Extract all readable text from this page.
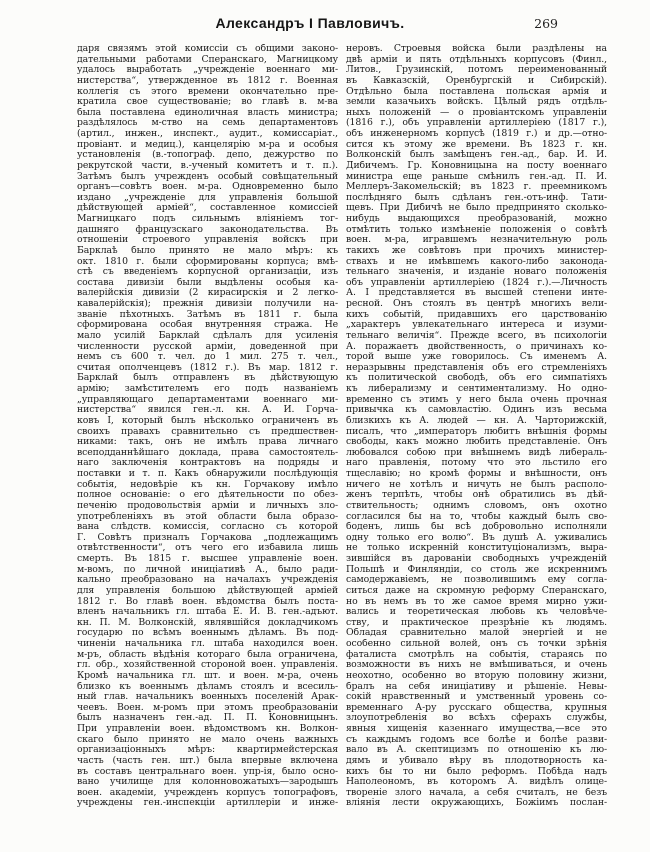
Александръ I Павловичъ.	269
даря связямъ этой комиссіи съ общими законо-
дательными работами Сперанскаго, Магницкому
удалось выработать „учрежденіе военнаго ми-
нистерства“, утвержденное въ 1812 г. Военная
коллегія съ этого времени окончательно пре-
кратила свое существованіе; во главѣ в. м-ва
была поставлена единоличная власть министра;
раздѣлялось м-ство на семь департаментовъ
(артил., инжен., инспект., аудит., комиссаріат.,
провіант. и медиц.), канцелярію м-ра и особыя
установленія (в.-топограф. депо, дежурство по
рекрутской части, в.-ученый комитетъ и т. п.).
Затѣмъ былъ учрежденъ особый совѣщательный
органъ—совѣтъ воен. м-ра. Одновременно было
издано „учрежденіе для управленія большой
дѣйствующей арміей“, составленное комиссіей
Магницкаго подъ сильнымъ вліяніемъ тог-
дашняго французскаго законодательства. Въ
отношеніи строевого управленія войскъ при
Барклаѣ было принято не мало мѣръ: къ
окт. 1810 г. были сформированы корпуса; вмѣ-
стѣ съ введеніемъ корпусной организаціи, изъ
состава дивизіи были выдѣлены особыя ка-
валерійскія дивизіи (2 кирасирскія и 2 легко-
кавалерійскія); прежнія дивизіи получили на-
званіе пѣхотныхъ. Затѣмъ въ 1811 г. была
сформирована особая внутренняя стража. Не
мало усилій Барклай сдѣлалъ для усиленія
численности русской арміи, доведенной при
немъ съ 600 т. чел. до 1 мил. 275 т. чел.,
считая ополченцевъ (1812 г.). Въ мар. 1812 г.
Барклай былъ отправленъ въ дѣйствующую
армію; замѣстителемъ его подъ названіемъ
„управляющаго департаментами военнаго ми-
нистерства“ явился ген.-л. кн. А. И. Горча-
ковъ I, который былъ нѣсколько ограниченъ въ
своихъ правахъ сравнительно съ предшествен-
никами: такъ, онъ не имѣлъ права личнаго
всеподданнѣйшаго доклада, права самостоятель-
наго заключенія контрактовъ на подряды и
поставки и т. п. Какъ обнаружили послѣдующія
событія, недовѣріе къ кн. Горчакову имѣло
полное основаніе: о его дѣятельности по обез-
печенію продовольствія арміи и личныхъ зло-
употребленіяхъ въ этой области была образо-
вана слѣдств. комиссія, согласно съ которой
Г. Совѣтъ призналъ Горчакова „подлежащимъ
отвѣтственности“, отъ чего его избавила лишь
смерть. Въ 1815 г. высшее управленіе воен.
м-вомъ, по личной иниціативѣ А., было ради-
кально преобразовано на началахъ учрежденія
для управленія большою дѣйствующей арміей
1812 г. Во главѣ воен. вѣдомства былъ поста-
вленъ начальникъ гл. штаба Е. И. В. ген.-адъют.
кн. П. М. Волконскій, являвшійся докладчикомъ
государю по всѣмъ военнымъ дѣламъ. Въ под-
чиненіи начальника гл. штаба находился воен.
м-ръ, область вѣдѣнія котораго была ограничена,
гл. обр., хозяйственной стороной воен. управленія.
Кромѣ начальника гл. шт. и воен. м-ра, очень
близко къ военнымъ дѣламъ стоялъ и всесиль-
ный глав. начальникъ военныхъ поселеній Арак-
чеевъ. Воен. м-ромъ при этомъ преобразованіи
былъ назначенъ ген.-ад. П. П. Коновницынъ.
При управленіи воен. вѣдомствомъ кн. Волкон-
скаго было принято не мало очень важныхъ
организаціонныхъ мѣръ: квартирмейстерская
часть (часть ген. шт.) была впервые включена
въ составъ центральнаго воен. упр-ія, было осно-
вано училище для колонновожатыхъ—зародышъ
воен. академіи, учрежденъ корпусъ топографовъ,
учреждены ген.-инспекціи артиллеріи и инже-
неровъ. Строевыя войска были раздѣлены на
двѣ арміи и пять отдѣльныхъ корпусовъ (Финл.,
Литов., Грузинскій, потомъ переименованный
въ Кавказскій, Оренбургскій и Сибирскій).
Отдѣльно была поставлена польская армія и
земли казачьихъ войскъ. Цѣлый рядъ отдѣль-
ныхъ положеній — о провіантскомъ управленіи
(1816 г.), объ управленіи артиллеріею (1817 г.),
объ инженерномъ корпусѣ (1819 г.) и др.—отно-
сится къ этому же времени. Въ 1823 г. кн.
Волконскій былъ замѣщенъ ген.-ад., бар. И. И.
Дибичемъ. Гр. Коновницына на посту военнаго
министра еще раньше смѣнилъ ген.-ад. П. И.
Меллеръ-Закомельскій; въ 1823 г. преемникомъ
послѣдняго былъ сдѣланъ ген.-отъ-инф. Тати-
щевъ. При Дибичѣ не было предпринято сколько-
нибудь выдающихся преобразованій, можно
отмѣтить только измѣненіе положенія о совѣтѣ
воен. м-ра, игравшемъ незначительную роль
такихъ же совѣтовъ при прочихъ министер-
ствахъ и не имѣвшемъ какого-либо законода-
тельнаго значенія, и изданіе новаго положенія
объ управленіи артиллеріею (1824 г.).—Личность
А. I представляется въ высшей степени инте-
ресной. Онъ стоялъ въ центрѣ многихъ вели-
кихъ событій, придавшихъ его царствованію
„характеръ увлекательнаго интереса и изуми-
тельнаго величія“. Прежде всего, въ психологіи
А. поражаетъ двойственность, о причинахъ ко-
торой выше уже говорилось. Съ именемъ А.
неразрывны представленія объ его стремленіяхъ
къ политической свободѣ, объ его симпатіяхъ
къ либерализму и сентиментализму. Но одно-
временно съ этимъ у него была очень прочная
привычка къ самовластію. Одинъ изъ весьма
близкихъ къ А. людей — кн. А. Чарторижскій,
писалъ, что „императоръ любитъ внѣшнія формы
свободы, какъ можно любить представленіе. Онъ
любовался собою при внѣшнемъ видѣ либераль-
наго правленія, потому что это льстило его
тщеславію; но кромѣ формы и внѣшности, онъ
ничего не хотѣлъ и ничуть не былъ располо-
женъ терпѣть, чтобы онѣ обратились въ дѣй-
ствительность; однимъ словомъ, онъ охотно
согласился бы на то, чтобы каждый былъ сво-
боденъ, лишь бы всѣ добровольно исполняли
одну только его волю“. Въ душѣ А. уживались
не только искренній конституціонализмъ, выра-
зившійся въ дарованіи свободныхъ учрежденій
Польшѣ и Финляндіи, со столь же искреннимъ
самодержавіемъ, не позволившимъ ему согла-
ситься даже на скромную реформу Сперанскаго,
но въ немъ въ то же самое время мирно ужи-
вались и теоретическая любовь къ человѣче-
ству, и практическое презрѣніе къ людямъ.
Обладая сравнительно малой энергіей и не
особенно сильной волей, онъ съ точки зрѣнія
фаталиста смотрѣлъ на событія, стараясь по
возможности въ нихъ не вмѣшиваться, и очень
неохотно, особенно во вторую половину жизни,
бралъ на себя иниціативу и рѣшеніе. Невы-
сокій нравственный и умственный уровень со-
временнаго А-ру русскаго общества, крупныя
злоупотребленія во всѣхъ сферахъ службы,
явныя хищенія казеннаго имущества,—все это
съ каждымъ годомъ все болѣе и болѣе разви-
вало въ А. скептицизмъ по отношенію къ лю-
дямъ и убивало вѣру въ плодотворность ка-
кихъ бы то ни было реформъ. Побѣда надъ
Наполеономъ, въ которомъ А. видѣлъ олице-
твореніе злого начала, а себя считалъ, не безъ
вліянія лести окружающихъ, Божіимъ послан-
